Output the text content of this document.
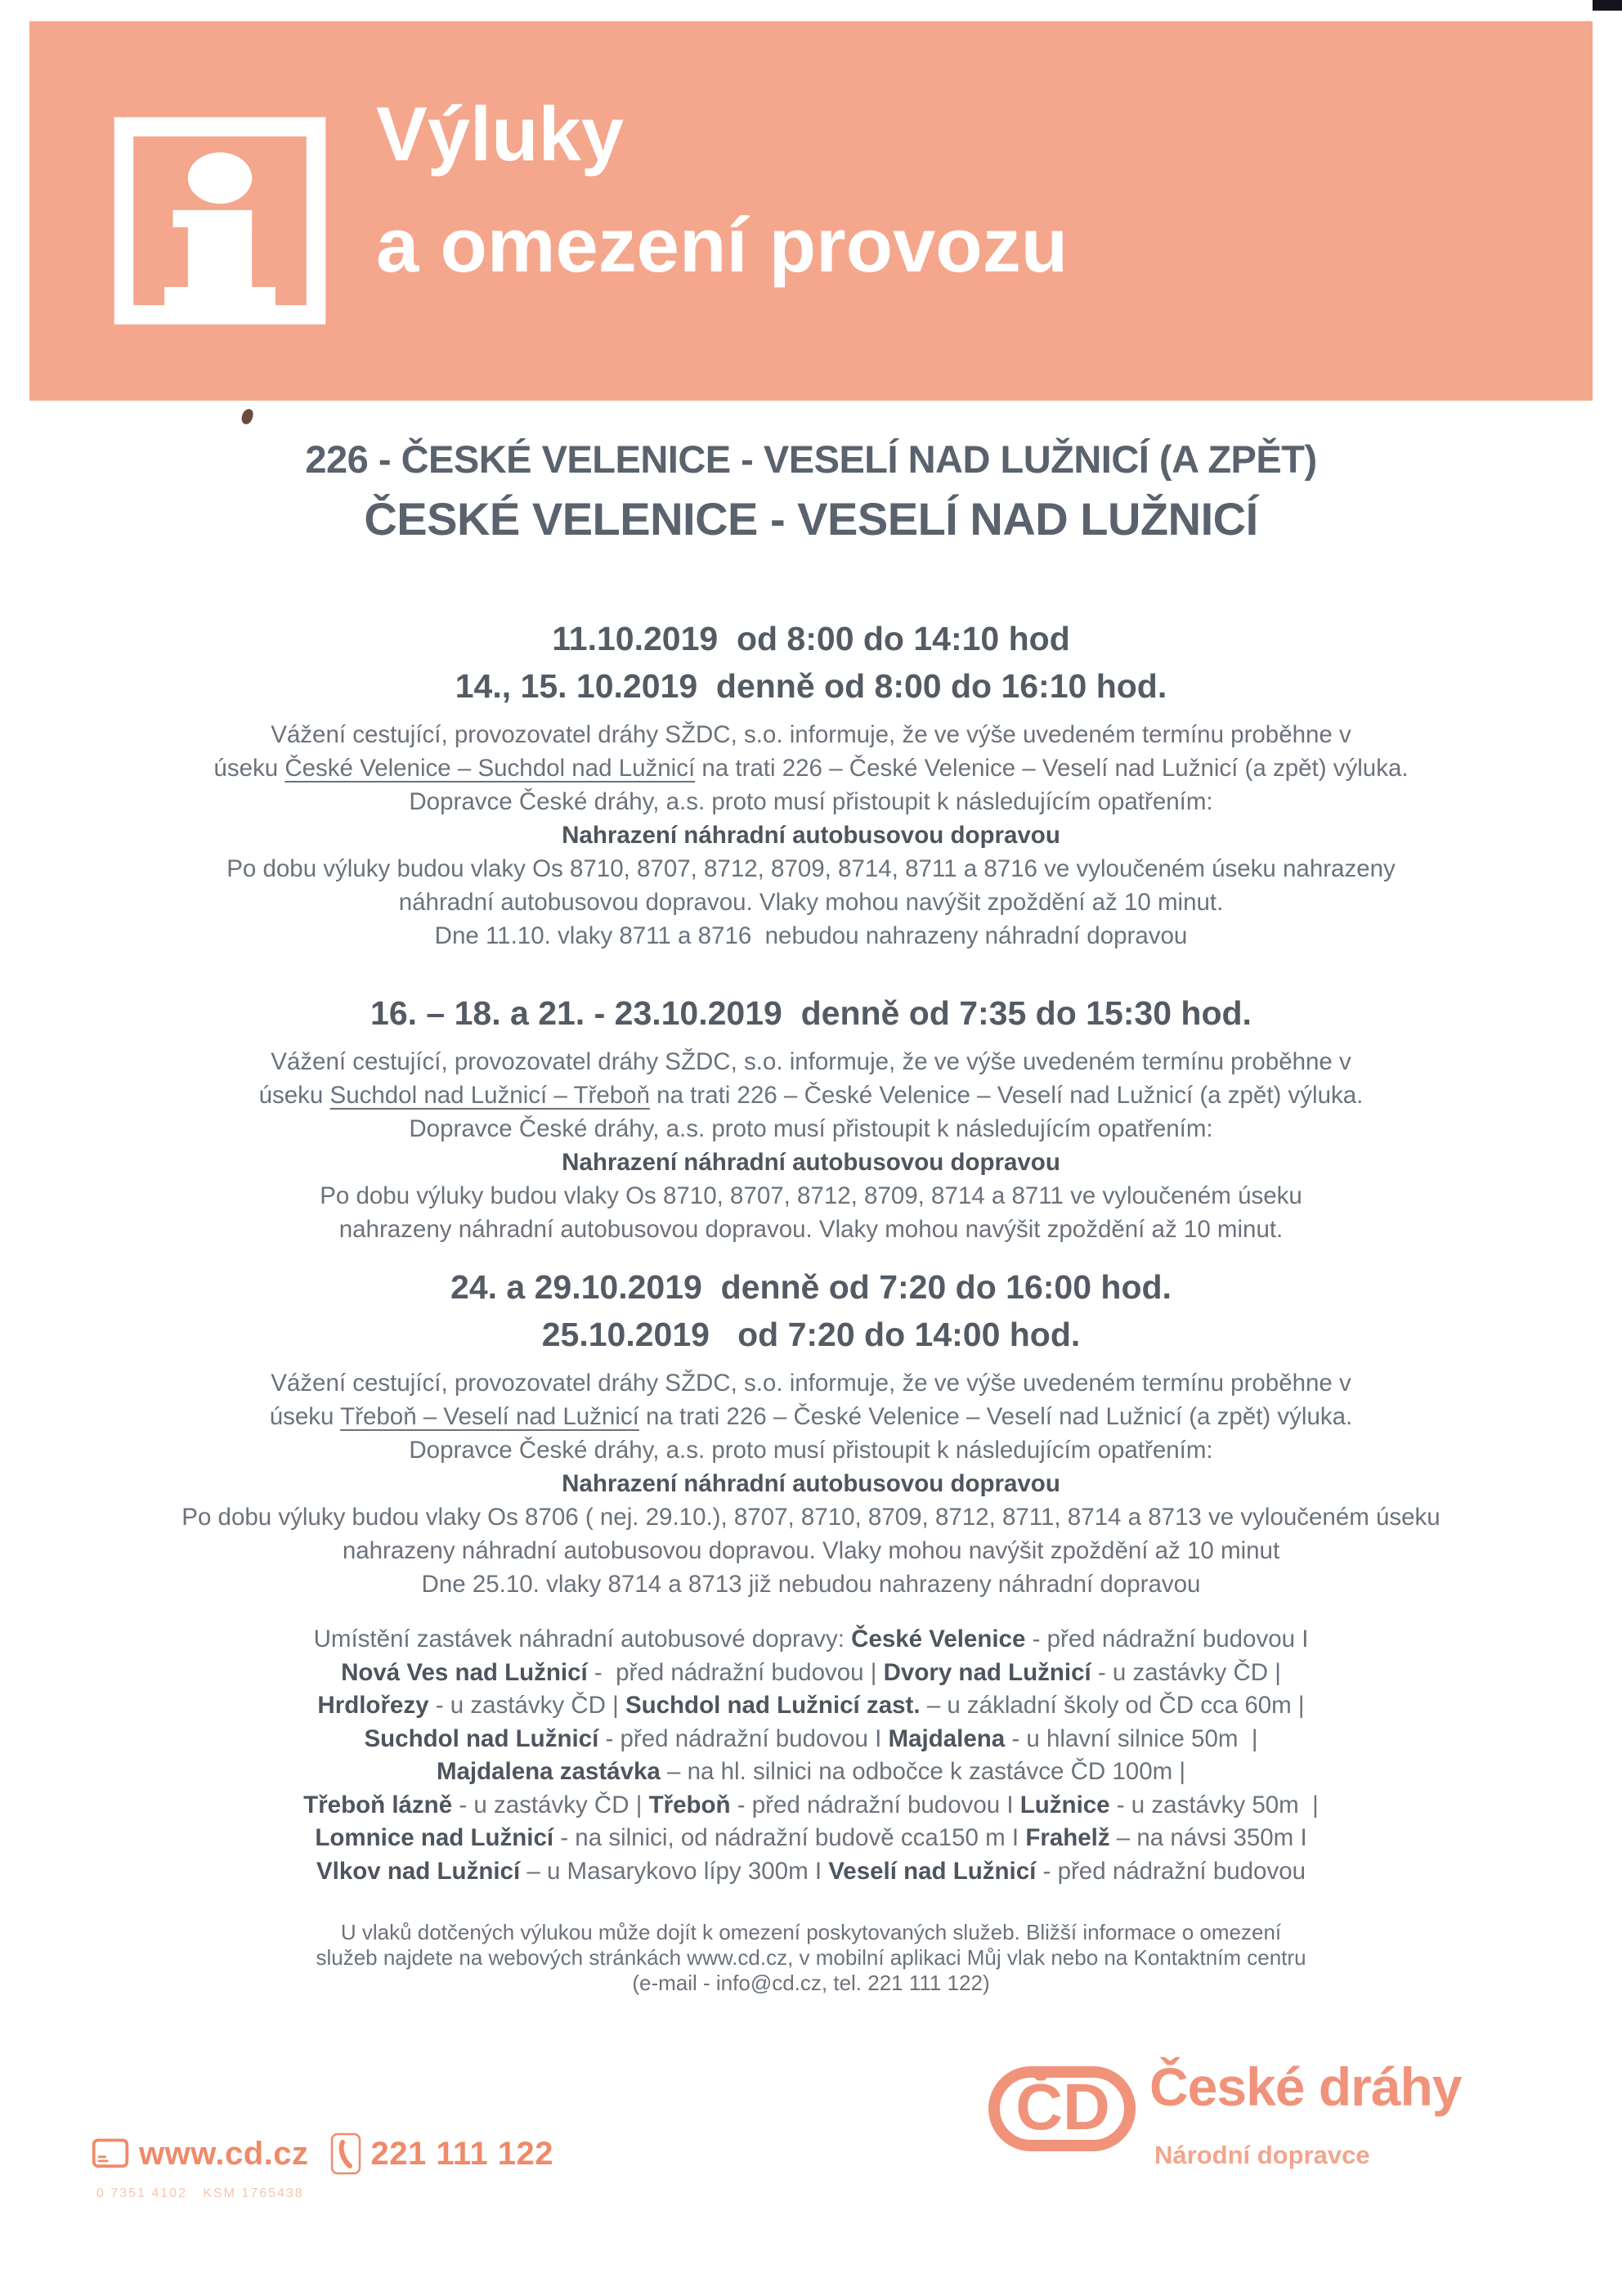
Výluky
a omezení provozu
226 - ČESKÉ VELENICE - VESELÍ NAD LUŽNICÍ (A ZPĚT)
ČESKÉ VELENICE - VESELÍ NAD LUŽNICÍ
11.10.2019  od 8:00 do 14:10 hod
14., 15. 10.2019  denně od 8:00 do 16:10 hod.
Vážení cestující, provozovatel dráhy SŽDC, s.o. informuje, že ve výše uvedeném termínu proběhne v
úseku České Velenice – Suchdol nad Lužnicí na trati 226 – České Velenice – Veselí nad Lužnicí (a zpět) výluka.
Dopravce České dráhy, a.s. proto musí přistoupit k následujícím opatřením:
Nahrazení náhradní autobusovou dopravou
Po dobu výluky budou vlaky Os 8710, 8707, 8712, 8709, 8714, 8711 a 8716 ve vyloučeném úseku nahrazeny
náhradní autobusovou dopravou. Vlaky mohou navýšit zpoždění až 10 minut.
Dne 11.10. vlaky 8711 a 8716  nebudou nahrazeny náhradní dopravou
16. – 18. a 21. - 23.10.2019  denně od 7:35 do 15:30 hod.
Vážení cestující, provozovatel dráhy SŽDC, s.o. informuje, že ve výše uvedeném termínu proběhne v
úseku Suchdol nad Lužnicí – Třeboň na trati 226 – České Velenice – Veselí nad Lužnicí (a zpět) výluka.
Dopravce České dráhy, a.s. proto musí přistoupit k následujícím opatřením:
Nahrazení náhradní autobusovou dopravou
Po dobu výluky budou vlaky Os 8710, 8707, 8712, 8709, 8714 a 8711 ve vyloučeném úseku
nahrazeny náhradní autobusovou dopravou. Vlaky mohou navýšit zpoždění až 10 minut.
24. a 29.10.2019  denně od 7:20 do 16:00 hod.
25.10.2019   od 7:20 do 14:00 hod.
Vážení cestující, provozovatel dráhy SŽDC, s.o. informuje, že ve výše uvedeném termínu proběhne v
úseku Třeboň – Veselí nad Lužnicí na trati 226 – České Velenice – Veselí nad Lužnicí (a zpět) výluka.
Dopravce České dráhy, a.s. proto musí přistoupit k následujícím opatřením:
Nahrazení náhradní autobusovou dopravou
Po dobu výluky budou vlaky Os 8706 ( nej. 29.10.), 8707, 8710, 8709, 8712, 8711, 8714 a 8713 ve vyloučeném úseku
nahrazeny náhradní autobusovou dopravou. Vlaky mohou navýšit zpoždění až 10 minut
Dne 25.10. vlaky 8714 a 8713 již nebudou nahrazeny náhradní dopravou
Umístění zastávek náhradní autobusové dopravy: České Velenice - před nádražní budovou I
Nová Ves nad Lužnicí -  před nádražní budovou | Dvory nad Lužnicí - u zastávky ČD |
Hrdlořezy - u zastávky ČD | Suchdol nad Lužnicí zast. – u základní školy od ČD cca 60m |
Suchdol nad Lužnicí - před nádražní budovou I Majdalena - u hlavní silnice 50m  |
Majdalena zastávka – na hl. silnici na odbočce k zastávce ČD 100m |
Třeboň lázně - u zastávky ČD | Třeboň - před nádražní budovou I Lužnice - u zastávky 50m  |
Lomnice nad Lužnicí - na silnici, od nádražní budově cca150 m I Frahelž – na návsi 350m I
Vlkov nad Lužnicí – u Masarykovo lípy 300m I Veselí nad Lužnicí - před nádražní budovou
U vlaků dotčených výlukou může dojít k omezení poskytovaných služeb. Bližší informace o omezení
služeb najdete na webových stránkách www.cd.cz, v mobilní aplikaci Můj vlak nebo na Kontaktním centru
(e-mail - info@cd.cz, tel. 221 111 122)
www.cd.cz 221 111 122
0 7351 4102   KSM 1765438
ČD České dráhy
Národní dopravce
